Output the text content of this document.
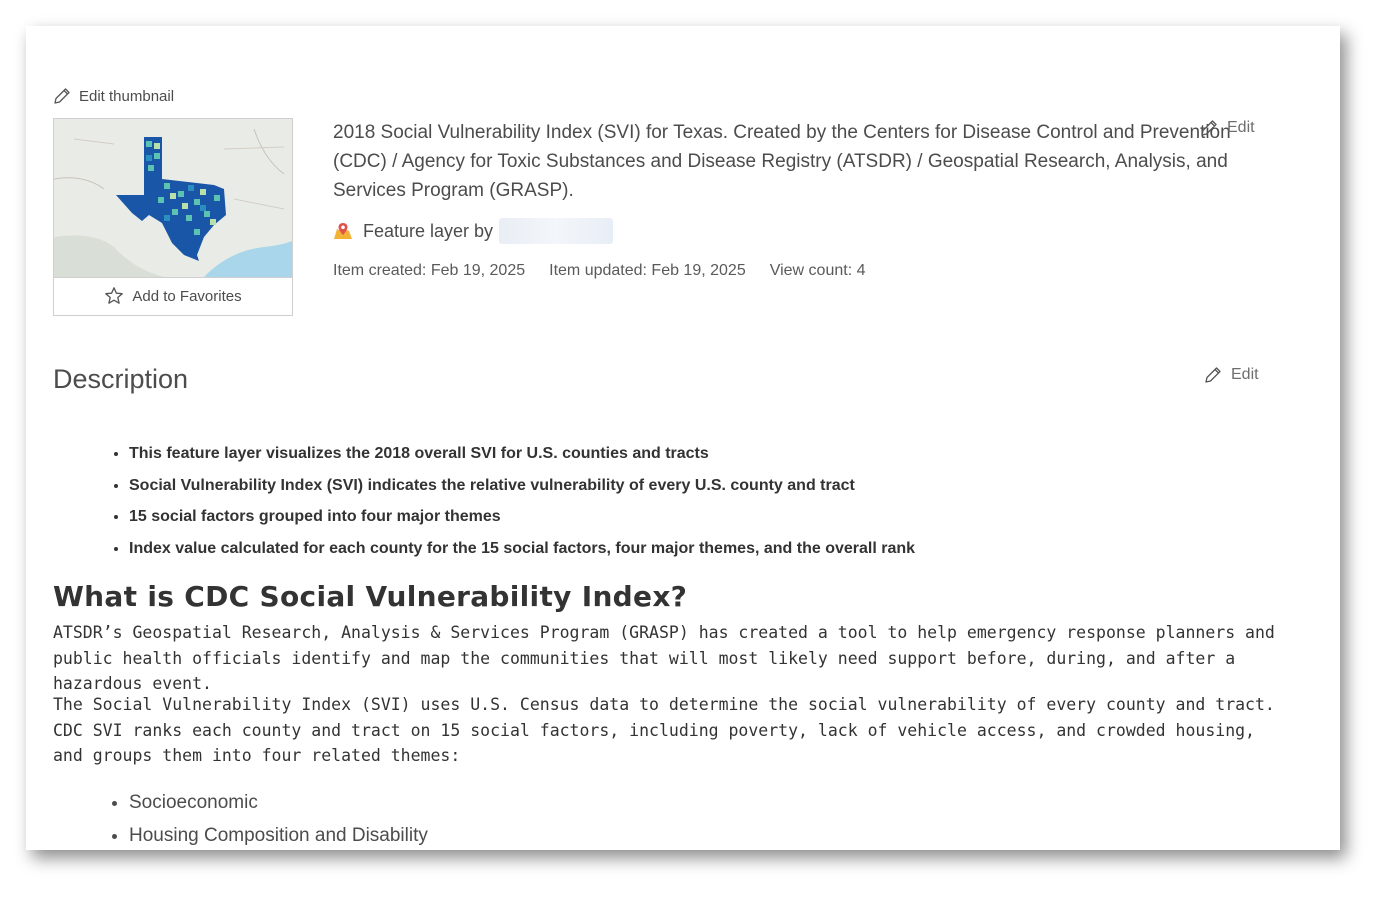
Edit thumbnail
Add to Favorites

2018 Social Vulnerability Index (SVI) for Texas. Created by the Centers for Disease Control and Prevention (CDC) / Agency for Toxic Substances and Disease Registry (ATSDR) / Geospatial Research, Analysis, and Services Program (GRASP).

Edit
Feature layer by
Item created: Feb 19, 2025 Item updated: Feb 19, 2025 View count: 4
Description	Edit
• This feature layer visualizes the 2018 overall SVI for U.S. counties and tracts
• Social Vulnerability Index (SVI) indicates the relative vulnerability of every U.S. county and tract
• 15 social factors grouped into four major themes
• Index value calculated for each county for the 15 social factors, four major themes, and the overall rank
What is CDC Social Vulnerability Index?

ATSDR’s Geospatial Research, Analysis & Services Program (GRASP) has created a tool to help emergency response planners and public health officials identify and map the communities that will most likely need support before, during, and after a hazardous event.

The Social Vulnerability Index (SVI) uses U.S. Census data to determine the social vulnerability of every county and tract. CDC SVI ranks each county and tract on 15 social factors, including poverty, lack of vehicle access, and crowded housing, and groups them into four related themes:

• Socioeconomic
• Housing Composition and Disability
